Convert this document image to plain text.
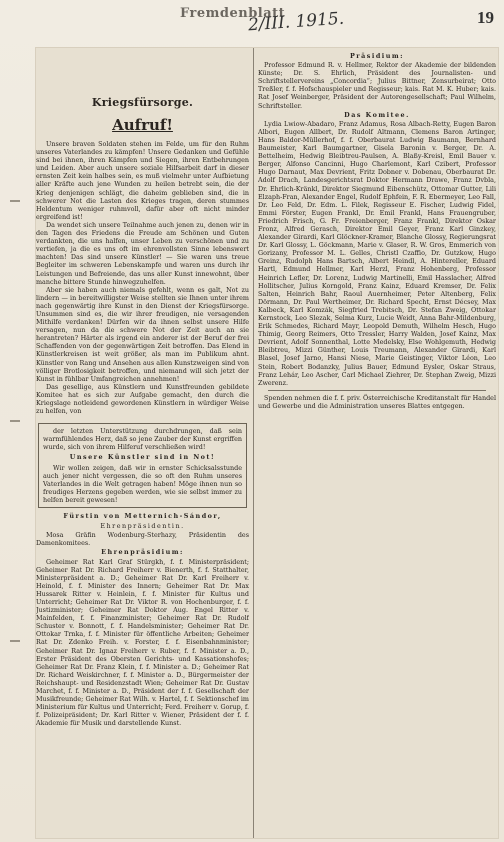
Fremdenblatt
2/III. 1915.	19
Kriegsfürsorge.
Aufruf!
Unsere braven Soldaten stehen im Felde, um für den Ruhm unseres Vaterlandes zu kämpfen! Unsere Gedanken und Gefühle sind bei ihnen, ihren Kämpfen und Siegen, ihren Entbehrungen und Leiden. Aber auch unsere soziale Hilfsarbeit darf in dieser ernsten Zeit kein halbes sein, es muß vielmehr unter Aufbietung aller Kräfte auch jene Wunden zu heilen betrebt sein, die der Krieg denjenigen schlägt, die daheim geblieben sind, die in schwerer Not die Lasten des Krieges tragen, deren stummes Heldentum weniger ruhmvoll, dafür aber oft nicht minder ergreifend ist!
Da wendet sich unsere Teilnahme auch jenen zu, denen wir in den Tagen des Friedens die Freude am Schönen und Guten verdankten, die uns halfen, unser Leben zu verschönen und zu vertiefen, ja die es uns oft im ehrenvollsten Sinne lebenswert machten! Das sind unsere Künstler! — Sie waren uns treue Begleiter im schweren Lebenskampfe und waren uns durch ihr Leistungen und Befreiende, das uns aller Kunst innewohnt, über manche bittere Stunde hinwegzuhelfen.
Aber sie haben auch niemals gefehlt, wenn es galt, Not zu lindern — in bereitwilligster Weise stellten sie Ihnen unter ihrem nach gegenwärtig ihre Kunst in den Dienst der Kriegsfürsorge. Unsummen sind es, die wir ihrer freudigen, nie versagenden Mithilfe verdanken! Dürfen wir da ihnen selbst unsere Hilfe versagen, nun da die schwere Not der Zeit auch an sie herantreten? Härter als irgend ein anderer ist der Beruf der frei Schaffenden von der gegenwärtigen Zeit betroffen. Das Elend in Künstlerkreisen ist weit größer, als man im Publikum ahnt. Künstler von Rang und Ansehen aus allen Kunstzweigen sind von völliger Brotlosigkeit betroffen, und niemand will sich jetzt der Kunst in fühlbar Umfangreichen annehmen!
Das gesellige, aus Künstlern und Kunstfreunden gebildete Komitee hat es sich zur Aufgabe gemacht, den durch die Kriegslage notleidend gewordenen Künstlern in würdiger Weise zu helfen, von
der letzten Unterstützung durchdrungen, daß sein warmfühlendes Herz, daß so jene Zauber der Kunst ergriffen wurde, sich von ihrem Hilferuf verschließen wird!
Unsere Künstler sind in Not!
Wir wollen zeigen, daß wir in ernster Schicksalsstunde auch jener nicht vergessen, die so oft den Ruhm unseres Vaterlandes in die Welt getragen haben! Möge ihnen nun so freudiges Herzens gegeben werden, wie sie selbst immer zu helfen bereit gewesen!
Fürstin von Metternich-Sándor,
Ehrenpräsidentin.
Mosa Gräfin Wodenburg-Sterhazy, Präsidentin des Damenkomitees.
Ehrenpräsidium:
Geheimer Rat Karl Graf Stürgkh, f. f. Ministerpräsident; Geheimer Rat Dr. Richard Freiherr v. Bienerth, f. f. Statthalter, Ministerpräsident a. D.; Geheimer Rat Dr. Karl Freiherr v. Heinold, f. f. Minister des Innern; Geheimer Rat Dr. Max Hussarek Ritter v. Heinlein, f. f. Minister für Kultus und Unterricht; Geheimer Rat Dr. Viktor R. von Hochenburger, f. f. Justizminister; Geheimer Rat Doktor Aug. Engel Ritter v. Mainfelden, f. f. Finanzminister; Geheimer Rat Dr. Rudolf Schuster v. Bonnott, f. f. Handelsminister; Geheimer Rat Dr. Ottokar Trnka, f. f. Minister für öffentliche Arbeiten; Geheimer Rat Dr. Zdenko Freih. v. Forster, f. f. Eisenbahnminister; Geheimer Rat Dr. Ignaz Freiherr v. Ruber, f. f. Minister a. D., Erster Präsident des Obersten Gerichts- und Kassationshofes; Geheimer Rat Dr. Franz Klein, f. f. Minister a. D.; Geheimer Rat Dr. Richard Weiskirchner, f. f. Minister a. D., Bürgermeister der Reichshaupt- und Residenzstadt Wien; Geheimer Rat Dr. Gustav Marchet, f. f. Minister a. D., Präsident der f. f. Gesellschaft der Musikfreunde; Geheimer Rat Wilh. v. Hartel, f. f. Sektionschef im Ministerium für Kultus und Unterricht; Ferd. Freiherr v. Gorup, f. f. Polizeipräsident; Dr. Karl Ritter v. Wiener, Präsident der f. f. Akademie für Musik und darstellende Kunst.
Präsidium:
Professor Edmund R. v. Hellmer, Rektor der Akademie der bildenden Künste; Dr. S. Ehrlich, Präsident des Journalisten- und Schriftstellervereins „Concordia“; Julius Bittner, Zensurbeirat; Otto Treßler, f. f. Hofschauspieler und Regisseur; kais. Rat M. K. Huber; kais. Rat Josef Weinberger, Präsident der Autorengesellschaft; Paul Wilhelm, Schriftsteller.
Das Komitee.
Lydia Lwiow-Abadaro, Franz Adamus, Rosa Albach-Retty, Eugen Baron Albori, Eugen Allbert, Dr. Rudolf Altmann, Clemens Baron Artinger, Hans Baldor-Müllerhof, f. f. Oberbaurat Ludwig Baumann, Bernhard Baumeister, Karl Baumgartner, Gisela Baronin v. Berger, Dr. A. Bettelheim, Hedwig Bleibtreu-Paulsen, A. Blaßy-Kreisl, Emil Bauer v. Berger, Alfonso Cancinni, Hugo Charlemont, Karl Czibert, Professor Hugo Darnaut, Max Devrient, Fritz Dobner v. Dobenau, Oberbaurat Dr. Adolf Drach, Landesgerichtsrat Doktor Hermann Drawe, Franz Dvbla, Dr. Ehrlich-Kränkl, Direktor Siegmund Eibenschütz, Ottomar Gutter, Lili Elzaph-Fran, Alexander Engel, Rudolf Ephfein, F. R. Ebermeyer, Leo Fall, Dr. Leo Feld, Dr. Edm. L. Filek, Regisseur E. Fischer, Ludwig Fidel, Emmi Förster, Eugen Frankl, Dr. Emil Frankl, Hans Frauengruber, Friedrich Frisch, G. Fr. Freienberger, Franz Frankl, Direktor Oskar Fronz, Alfred Gerasch, Direktor Emil Geyer, Franz Karl Ginzkey, Alexander Girardi, Karl Glöckner-Kramer, Blanche Glossy, Regierungsrat Dr. Karl Glossy, L. Göckmann, Marie v. Glaser, R. W. Gros, Emmerich von Gorizany, Professor M. L. Gelles, Christl Czaffio, Dr. Gutzkow, Hugo Greinz, Rudolph Hans Bartsch, Albert Heindl, A. Hintereller, Eduard Hartl, Edmund Hellmer, Karl Herzl, Franz Hohenberg, Professor Heinrich Lefler, Dr. Lorenz, Ludwig Martinelli, Emil Hasslacher, Alfred Hollitscher, Julius Korngold, Franz Kainz, Eduard Kremser, Dr. Felix Salten, Heinrich Bahr, Raoul Auernheimer, Peter Altenberg, Felix Dörmann, Dr. Paul Wertheimer, Dr. Richard Specht, Ernst Décsey, Max Kalbeck, Karl Komzák, Siegfried Trebitsch, Dr. Stefan Zweig, Ottokar Kernstock, Leo Slezak, Selma Kurz, Lucie Weidt, Anna Bahr-Mildenburg, Erik Schmedes, Richard Mayr, Leopold Demuth, Wilhelm Hesch, Hugo Thimig, Georg Reimers, Otto Tressler, Harry Walden, Josef Kainz, Max Devrient, Adolf Sonnenthal, Lotte Medelsky, Else Wohlgemuth, Hedwig Bleibtreu, Mizzi Günther, Louis Treumann, Alexander Girardi, Karl Blasel, Josef Jarno, Hansi Niese, Marie Geistinger, Viktor Léon, Leo Stein, Robert Bodanzky, Julius Bauer, Edmund Eysler, Oskar Straus, Franz Lehár, Leo Ascher, Carl Michael Ziehrer, Dr. Stephan Zweig, Mizzi Zwerenz.
Spenden nehmen die f. f. priv. Österreichische Kreditanstalt für Handel und Gewerbe und die Administration unseres Blattes entgegen.
